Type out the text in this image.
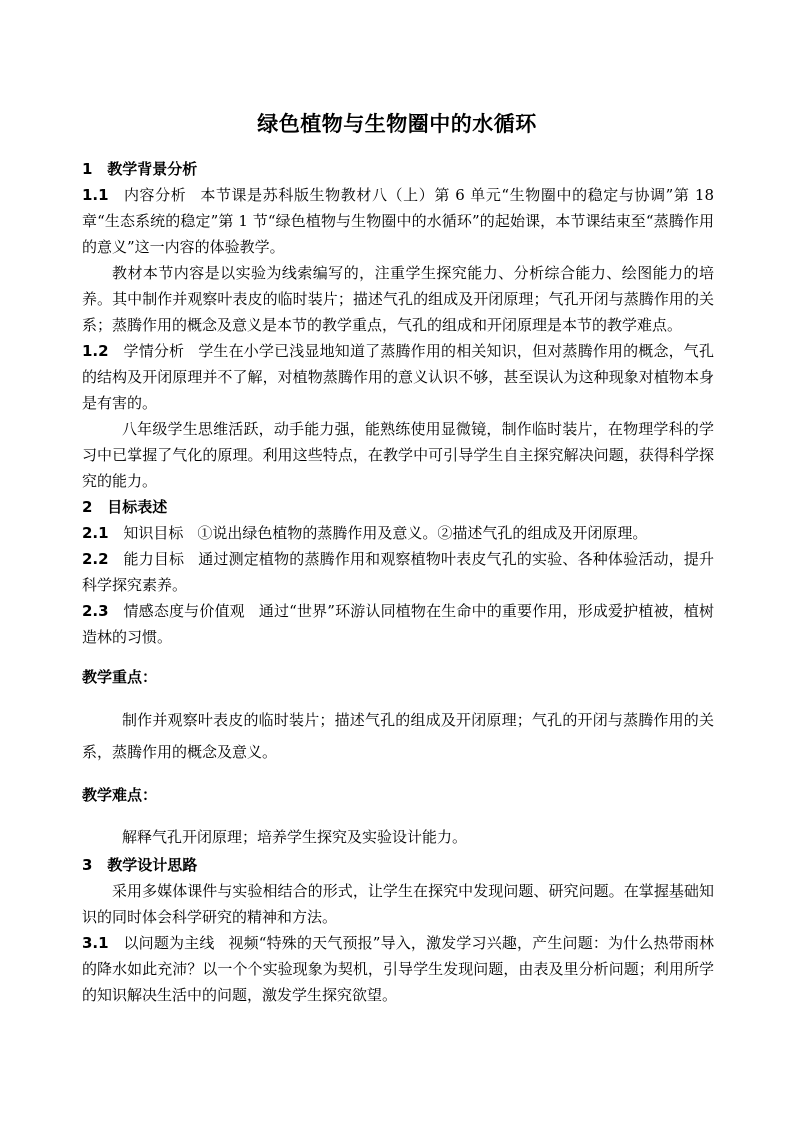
绿色植物与生物圈中的水循环

1 教学背景分析

1.1 内容分析 本节课是苏科版生物教材八（上）第 6 单元“生物圈中的稳定与协调”第 18 章“生态系统的稳定”第 1 节“绿色植物与生物圈中的水循环”的起始课，本节课结束至“蒸腾作用的意义”这一内容的体验教学。

教材本节内容是以实验为线索编写的，注重学生探究能力、分析综合能力、绘图能力的培养。其中制作并观察叶表皮的临时装片；描述气孔的组成及开闭原理；气孔开闭与蒸腾作用的关系；蒸腾作用的概念及意义是本节的教学重点，气孔的组成和开闭原理是本节的教学难点。

1.2 学情分析 学生在小学已浅显地知道了蒸腾作用的相关知识，但对蒸腾作用的概念，气孔的结构及开闭原理并不了解，对植物蒸腾作用的意义认识不够，甚至误认为这种现象对植物本身是有害的。

八年级学生思维活跃，动手能力强，能熟练使用显微镜，制作临时装片，在物理学科的学习中已掌握了气化的原理。利用这些特点，在教学中可引导学生自主探究解决问题，获得科学探究的能力。

2 目标表述

2.1 知识目标 ①说出绿色植物的蒸腾作用及意义。②描述气孔的组成及开闭原理。

2.2 能力目标 通过测定植物的蒸腾作用和观察植物叶表皮气孔的实验、各种体验活动，提升科学探究素养。

2.3 情感态度与价值观 通过“世界”环游认同植物在生命中的重要作用，形成爱护植被，植树造林的习惯。

教学重点：

制作并观察叶表皮的临时装片；描述气孔的组成及开闭原理；气孔的开闭与蒸腾作用的关系，蒸腾作用的概念及意义。

教学难点：

解释气孔开闭原理；培养学生探究及实验设计能力。

3 教学设计思路

采用多媒体课件与实验相结合的形式，让学生在探究中发现问题、研究问题。在掌握基础知识的同时体会科学研究的精神和方法。

3.1 以问题为主线 视频“特殊的天气预报”导入，激发学习兴趣，产生问题：为什么热带雨林的降水如此充沛？以一个个实验现象为契机，引导学生发现问题，由表及里分析问题；利用所学的知识解决生活中的问题，激发学生探究欲望。
